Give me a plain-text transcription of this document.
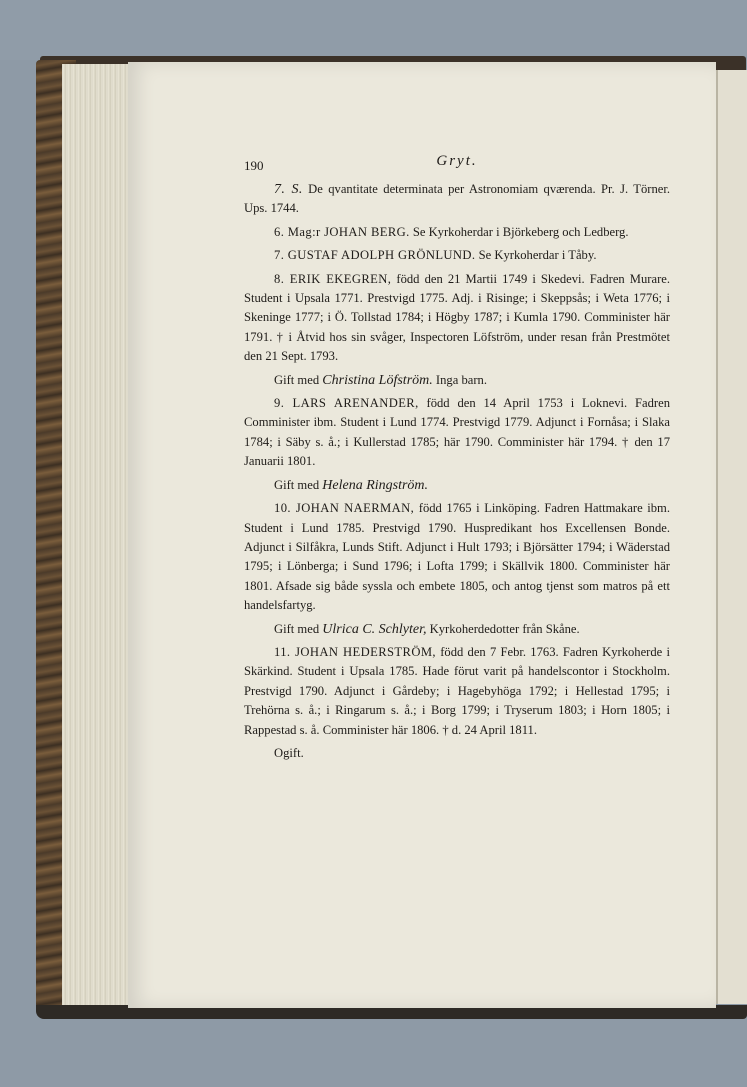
190	Gryt.

7. S. De qvantitate determinata per Astronomiam qværenda. Pr. J. Törner. Ups. 1744.

6. Mag:r JOHAN BERG. Se Kyrkoherdar i Björkeberg och Ledberg.

7. GUSTAF ADOLPH GRÖNLUND. Se Kyrkoherdar i Tåby.

8. ERIK EKEGREN, född den 21 Martii 1749 i Skedevi. Fadren Murare. Student i Upsala 1771. Prestvigd 1775. Adj. i Risinge; i Skeppsås; i Weta 1776; i Skeninge 1777; i Ö. Tollstad 1784; i Högby 1787; i Kumla 1790. Comminister här 1791. † i Åtvid hos sin svåger, Inspectoren Löfström, under resan från Prestmötet den 21 Sept. 1793.

Gift med Christina Löfström. Inga barn.

9. LARS ARENANDER, född den 14 April 1753 i Loknevi. Fadren Comminister ibm. Student i Lund 1774. Prestvigd 1779. Adjunct i Fornåsa; i Slaka 1784; i Säby s. å.; i Kullerstad 1785; här 1790. Comminister här 1794. † den 17 Januarii 1801.

Gift med Helena Ringström.

10. JOHAN NAERMAN, född 1765 i Linköping. Fadren Hattmakare ibm. Student i Lund 1785. Prestvigd 1790. Huspredikant hos Excellensen Bonde. Adjunct i Silfåkra, Lunds Stift. Adjunct i Hult 1793; i Björsätter 1794; i Wäderstad 1795; i Lönberga; i Sund 1796; i Lofta 1799; i Skällvik 1800. Comminister här 1801. Afsade sig både syssla och embete 1805, och antog tjenst som matros på ett handelsfartyg.

Gift med Ulrica C. Schlyter, Kyrkoherdedotter från Skåne.

11. JOHAN HEDERSTRÖM, född den 7 Febr. 1763. Fadren Kyrkoherde i Skärkind. Student i Upsala 1785. Hade förut varit på handelscontor i Stockholm. Prestvigd 1790. Adjunct i Gårdeby; i Hagebyhöga 1792; i Hellestad 1795; i Trehörna s. å.; i Ringarum s. å.; i Borg 1799; i Tryserum 1803; i Horn 1805; i Rappestad s. å. Comminister här 1806. † d. 24 April 1811.

Ogift.
